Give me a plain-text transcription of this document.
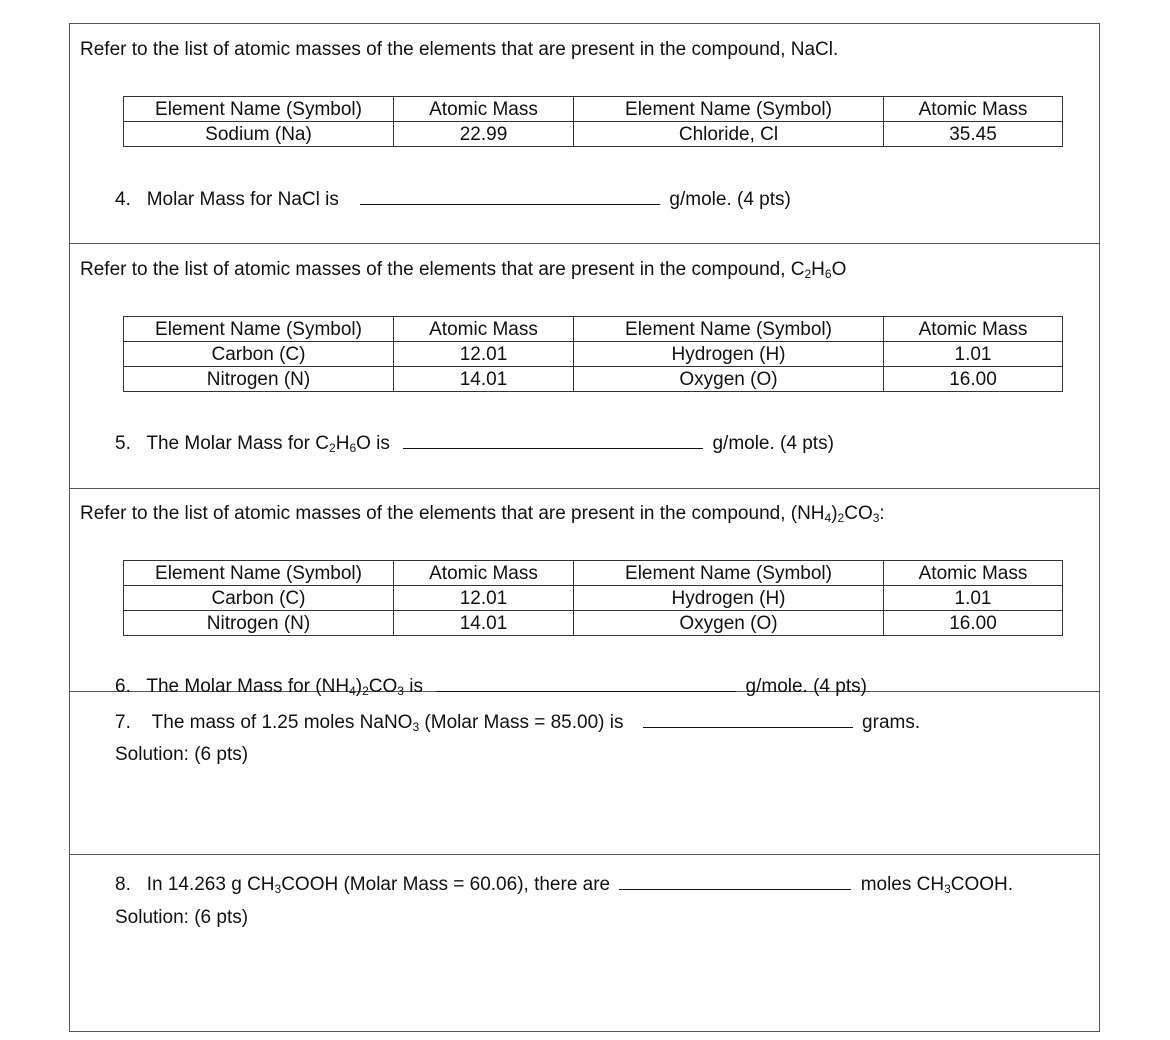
Refer to the list of atomic masses of the elements that are present in the compound, NaCl.
Element Name (Symbol)	Atomic Mass	Element Name (Symbol)	Atomic Mass
Sodium (Na)	22.99	Chloride, Cl	35.45
4. Molar Mass for NaCl is	g/mole. (4 pts)
Refer to the list of atomic masses of the elements that are present in the compound, $C_2H_6O$
Element Name (Symbol)	Atomic Mass	Element Name (Symbol)	Atomic Mass
Carbon (C)	12.01	Hydrogen (H)	1.01
Nitrogen (N)	14.01	Oxygen (O)	16.00
5. The Molar Mass for $C_2H_6O$ is	g/mole. (4 pts)
Refer to the list of atomic masses of the elements that are present in the compound, $(NH_4)_2CO_3$:
Element Name (Symbol)	Atomic Mass	Element Name (Symbol)	Atomic Mass
Carbon (C)	12.01	Hydrogen (H)	1.01
Nitrogen (N)	14.01	Oxygen (O)	16.00
6. The Molar Mass for $(NH_4)_2CO_3$ is	g/mole. (4 pts)
7. The mass of 1.25 moles NaNO$_3$ (Molar Mass = 85.00) is	grams.
Solution: (6 pts)
8. In 14.263 g $CH_3COOH$ (Molar Mass = 60.06), there are	moles $CH_3COOH$.
Solution: (6 pts)
